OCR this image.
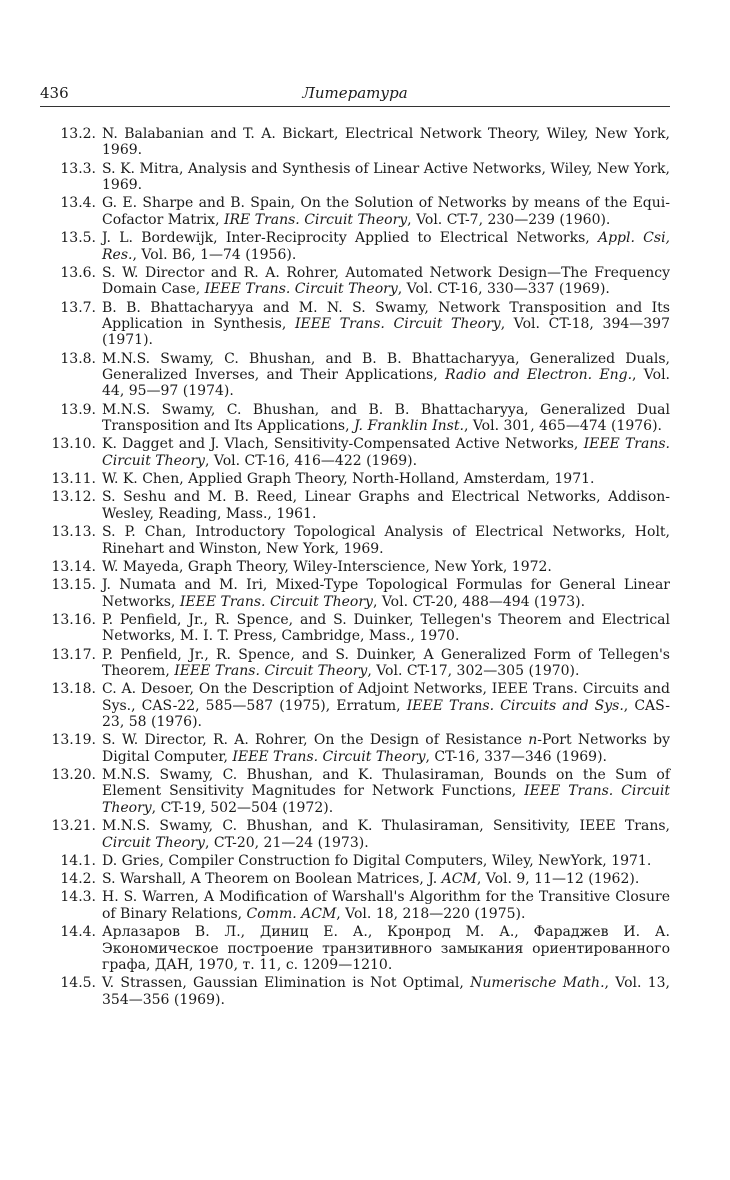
436	Литература
13.2. N. Balabanian and T. A. Bickart, Electrical Network Theory, Wiley, New York, 1969.
13.3. S. K. Mitra, Analysis and Synthesis of Linear Active Networks, Wiley, New York, 1969.
13.4. G. E. Sharpe and B. Spain, On the Solution of Networks by means of the Equi-Cofactor Matrix, IRE Trans. Circuit Theory, Vol. CT-7, 230—239 (1960).
13.5. J. L. Bordewijk, Inter-Reciprocity Applied to Electrical Networks, Appl. Csi, Res., Vol. B6, 1—74 (1956).
13.6. S. W. Director and R. A. Rohrer, Automated Network Design—The Frequency Domain Case, IEEE Trans. Circuit Theory, Vol. CT-16, 330—337 (1969).
13.7. B. B. Bhattacharyya and M. N. S. Swamy, Network Transposition and Its Application in Synthesis, IEEE Trans. Circuit Theory, Vol. CT-18, 394—397 (1971).
13.8. M.N.S. Swamy, C. Bhushan, and B. B. Bhattacharyya, Generalized Duals, Generalized Inverses, and Their Applications, Radio and Electron. Eng., Vol. 44, 95—97 (1974).
13.9. M.N.S. Swamy, C. Bhushan, and B. B. Bhattacharyya, Generalized Dual Transposition and Its Applications, J. Franklin Inst., Vol. 301, 465—474 (1976).
13.10. K. Dagget and J. Vlach, Sensitivity-Compensated Active Networks, IEEE Trans. Circuit Theory, Vol. CT-16, 416—422 (1969).
13.11. W. K. Chen, Applied Graph Theory, North-Holland, Amsterdam, 1971.
13.12. S. Seshu and M. B. Reed, Linear Graphs and Electrical Networks, Addison-Wesley, Reading, Mass., 1961.
13.13. S. P. Chan, Introductory Topological Analysis of Electrical Networks, Holt, Rinehart and Winston, New York, 1969.
13.14. W. Mayeda, Graph Theory, Wiley-Interscience, New York, 1972.
13.15. J. Numata and M. Iri, Mixed-Type Topological Formulas for General Linear Networks, IEEE Trans. Circuit Theory, Vol. CT-20, 488—494 (1973).
13.16. P. Penfield, Jr., R. Spence, and S. Duinker, Tellegen's Theorem and Electrical Networks, M. I. T. Press, Cambridge, Mass., 1970.
13.17. P. Penfield, Jr., R. Spence, and S. Duinker, A Generalized Form of Tellegen's Theorem, IEEE Trans. Circuit Theory, Vol. CT-17, 302—305 (1970).
13.18. C. A. Desoer, On the Description of Adjoint Networks, IEEE Trans. Circuits and Sys., CAS-22, 585—587 (1975), Erratum, IEEE Trans. Circuits and Sys., CAS-23, 58 (1976).
13.19. S. W. Director, R. A. Rohrer, On the Design of Resistance n-Port Networks by Digital Computer, IEEE Trans. Circuit Theory, CT-16, 337—346 (1969).
13.20. M.N.S. Swamy, C. Bhushan, and K. Thulasiraman, Bounds on the Sum of Element Sensitivity Magnitudes for Network Functions, IEEE Trans. Circuit Theory, CT-19, 502—504 (1972).
13.21. M.N.S. Swamy, C. Bhushan, and K. Thulasiraman, Sensitivity, IEEE Trans, Circuit Theory, CT-20, 21—24 (1973).
14.1. D. Gries, Compiler Construction fo Digital Computers, Wiley, NewYork, 1971.
14.2. S. Warshall, A Theorem on Boolean Matrices, J. ACM, Vol. 9, 11—12 (1962).
14.3. H. S. Warren, A Modification of Warshall's Algorithm for the Transitive Closure of Binary Relations, Comm. ACM, Vol. 18, 218—220 (1975).
14.4. Арлазаров В. Л., Диниц Е. А., Кронрод М. А., Фараджев И. А. Экономическое построение транзитивного замыкания ориентированного графа, ДАН, 1970, т. 11, с. 1209—1210.
14.5. V. Strassen, Gaussian Elimination is Not Optimal, Numerische Math., Vol. 13, 354—356 (1969).
